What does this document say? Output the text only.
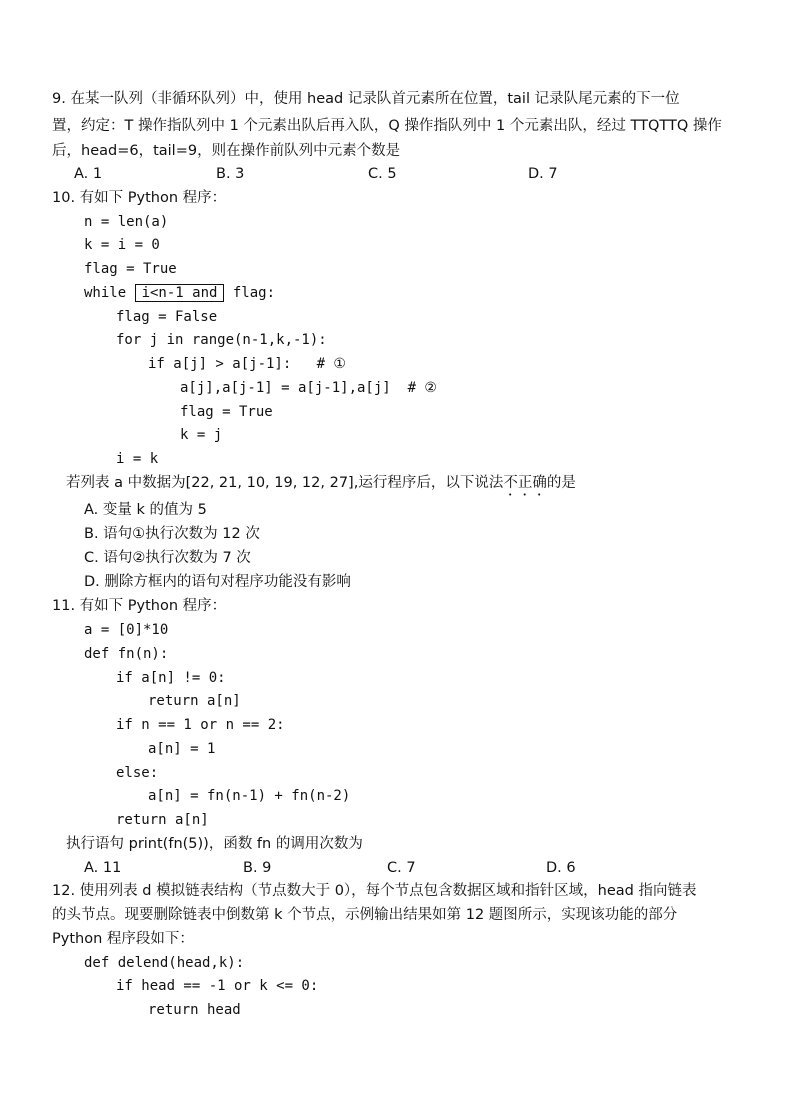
9. 在某一队列（非循环队列）中，使用 head 记录队首元素所在位置，tail 记录队尾元素的下一位
置，约定：T 操作指队列中 1 个元素出队后再入队，Q 操作指队列中 1 个元素出队，经过 TTQTTQ 操作
后，head=6，tail=9，则在操作前队列中元素个数是
A. 1	B. 3	C. 5	D. 7
10. 有如下 Python 程序：
n = len(a)
k = i = 0
flag = True
while i<n-1 and flag:
flag = False
for j in range(n-1,k,-1):
if a[j] > a[j-1]:   # ①
a[j],a[j-1] = a[j-1],a[j]  # ②
flag = True
k = j
i = k
若列表 a 中数据为[22, 21, 10, 19, 12, 27],运行程序后，以下说法不正确的是
A. 变量 k 的值为 5
B. 语句①执行次数为 12 次
C. 语句②执行次数为 7 次
D. 删除方框内的语句对程序功能没有影响
11. 有如下 Python 程序：
a = [0]*10
def fn(n):
if a[n] != 0:
return a[n]
if n == 1 or n == 2:
a[n] = 1
else:
a[n] = fn(n-1) + fn(n-2)
return a[n]
执行语句 print(fn(5))，函数 fn 的调用次数为
A. 11	B. 9	C. 7	D. 6
12. 使用列表 d 模拟链表结构（节点数大于 0），每个节点包含数据区域和指针区域，head 指向链表
的头节点。现要删除链表中倒数第 k 个节点，示例输出结果如第 12 题图所示，实现该功能的部分
Python 程序段如下：
def delend(head,k):
if head == -1 or k <= 0:
return head
